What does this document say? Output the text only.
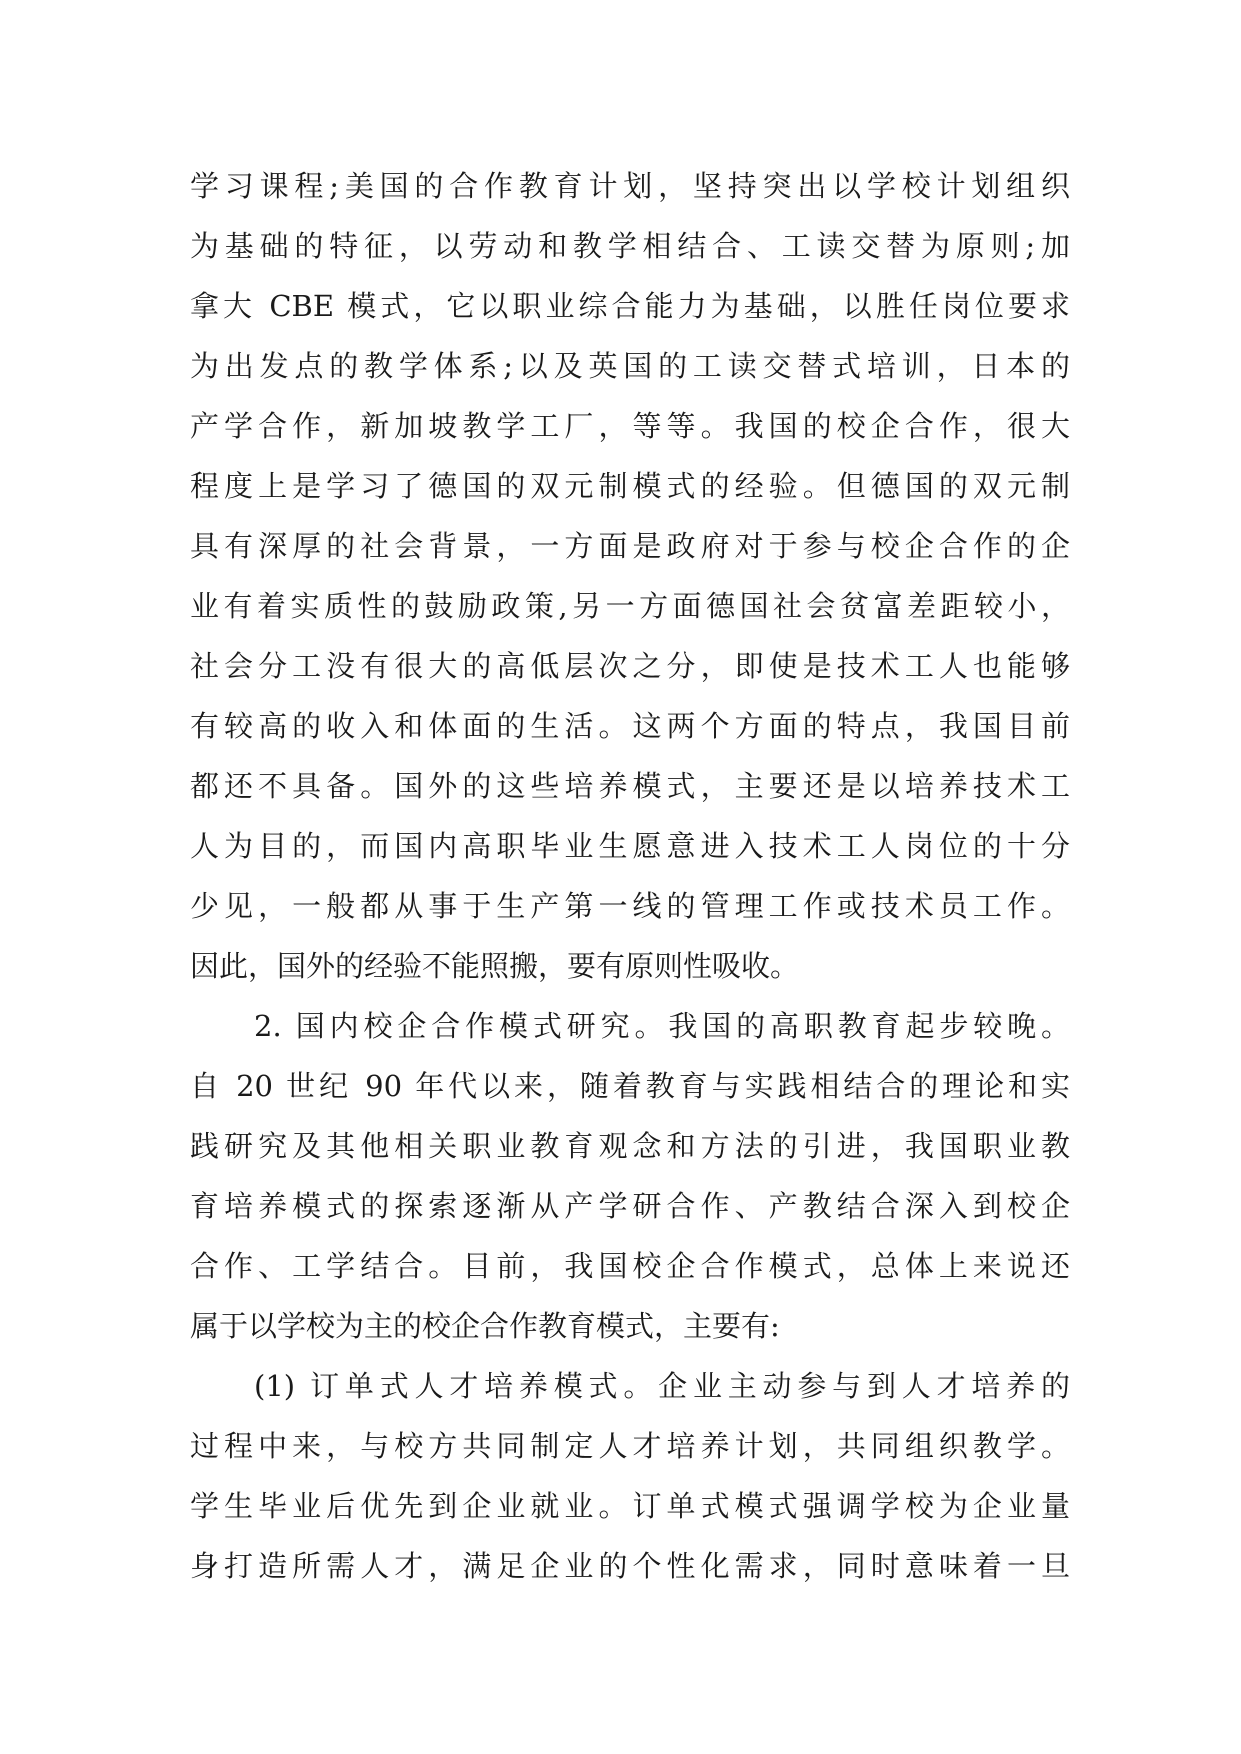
学习课程;美国的合作教育计划，坚持突出以学校计划组织
为基础的特征，以劳动和教学相结合、工读交替为原则;加
拿大 CBE 模式，它以职业综合能力为基础，以胜任岗位要求
为出发点的教学体系;以及英国的工读交替式培训，日本的
产学合作，新加坡教学工厂，等等。我国的校企合作，很大
程度上是学习了德国的双元制模式的经验。但德国的双元制
具有深厚的社会背景，一方面是政府对于参与校企合作的企
业有着实质性的鼓励政策,另一方面德国社会贫富差距较小，
社会分工没有很大的高低层次之分，即使是技术工人也能够
有较高的收入和体面的生活。这两个方面的特点，我国目前
都还不具备。国外的这些培养模式，主要还是以培养技术工
人为目的，而国内高职毕业生愿意进入技术工人岗位的十分
少见，一般都从事于生产第一线的管理工作或技术员工作。
因此，国外的经验不能照搬，要有原则性吸收。
2. 国内校企合作模式研究。我国的高职教育起步较晚。
自 20 世纪 90 年代以来，随着教育与实践相结合的理论和实
践研究及其他相关职业教育观念和方法的引进，我国职业教
育培养模式的探索逐渐从产学研合作、产教结合深入到校企
合作、工学结合。目前，我国校企合作模式，总体上来说还
属于以学校为主的校企合作教育模式，主要有:
(1) 订单式人才培养模式。企业主动参与到人才培养的
过程中来，与校方共同制定人才培养计划，共同组织教学。
学生毕业后优先到企业就业。订单式模式强调学校为企业量
身打造所需人才，满足企业的个性化需求，同时意味着一旦
